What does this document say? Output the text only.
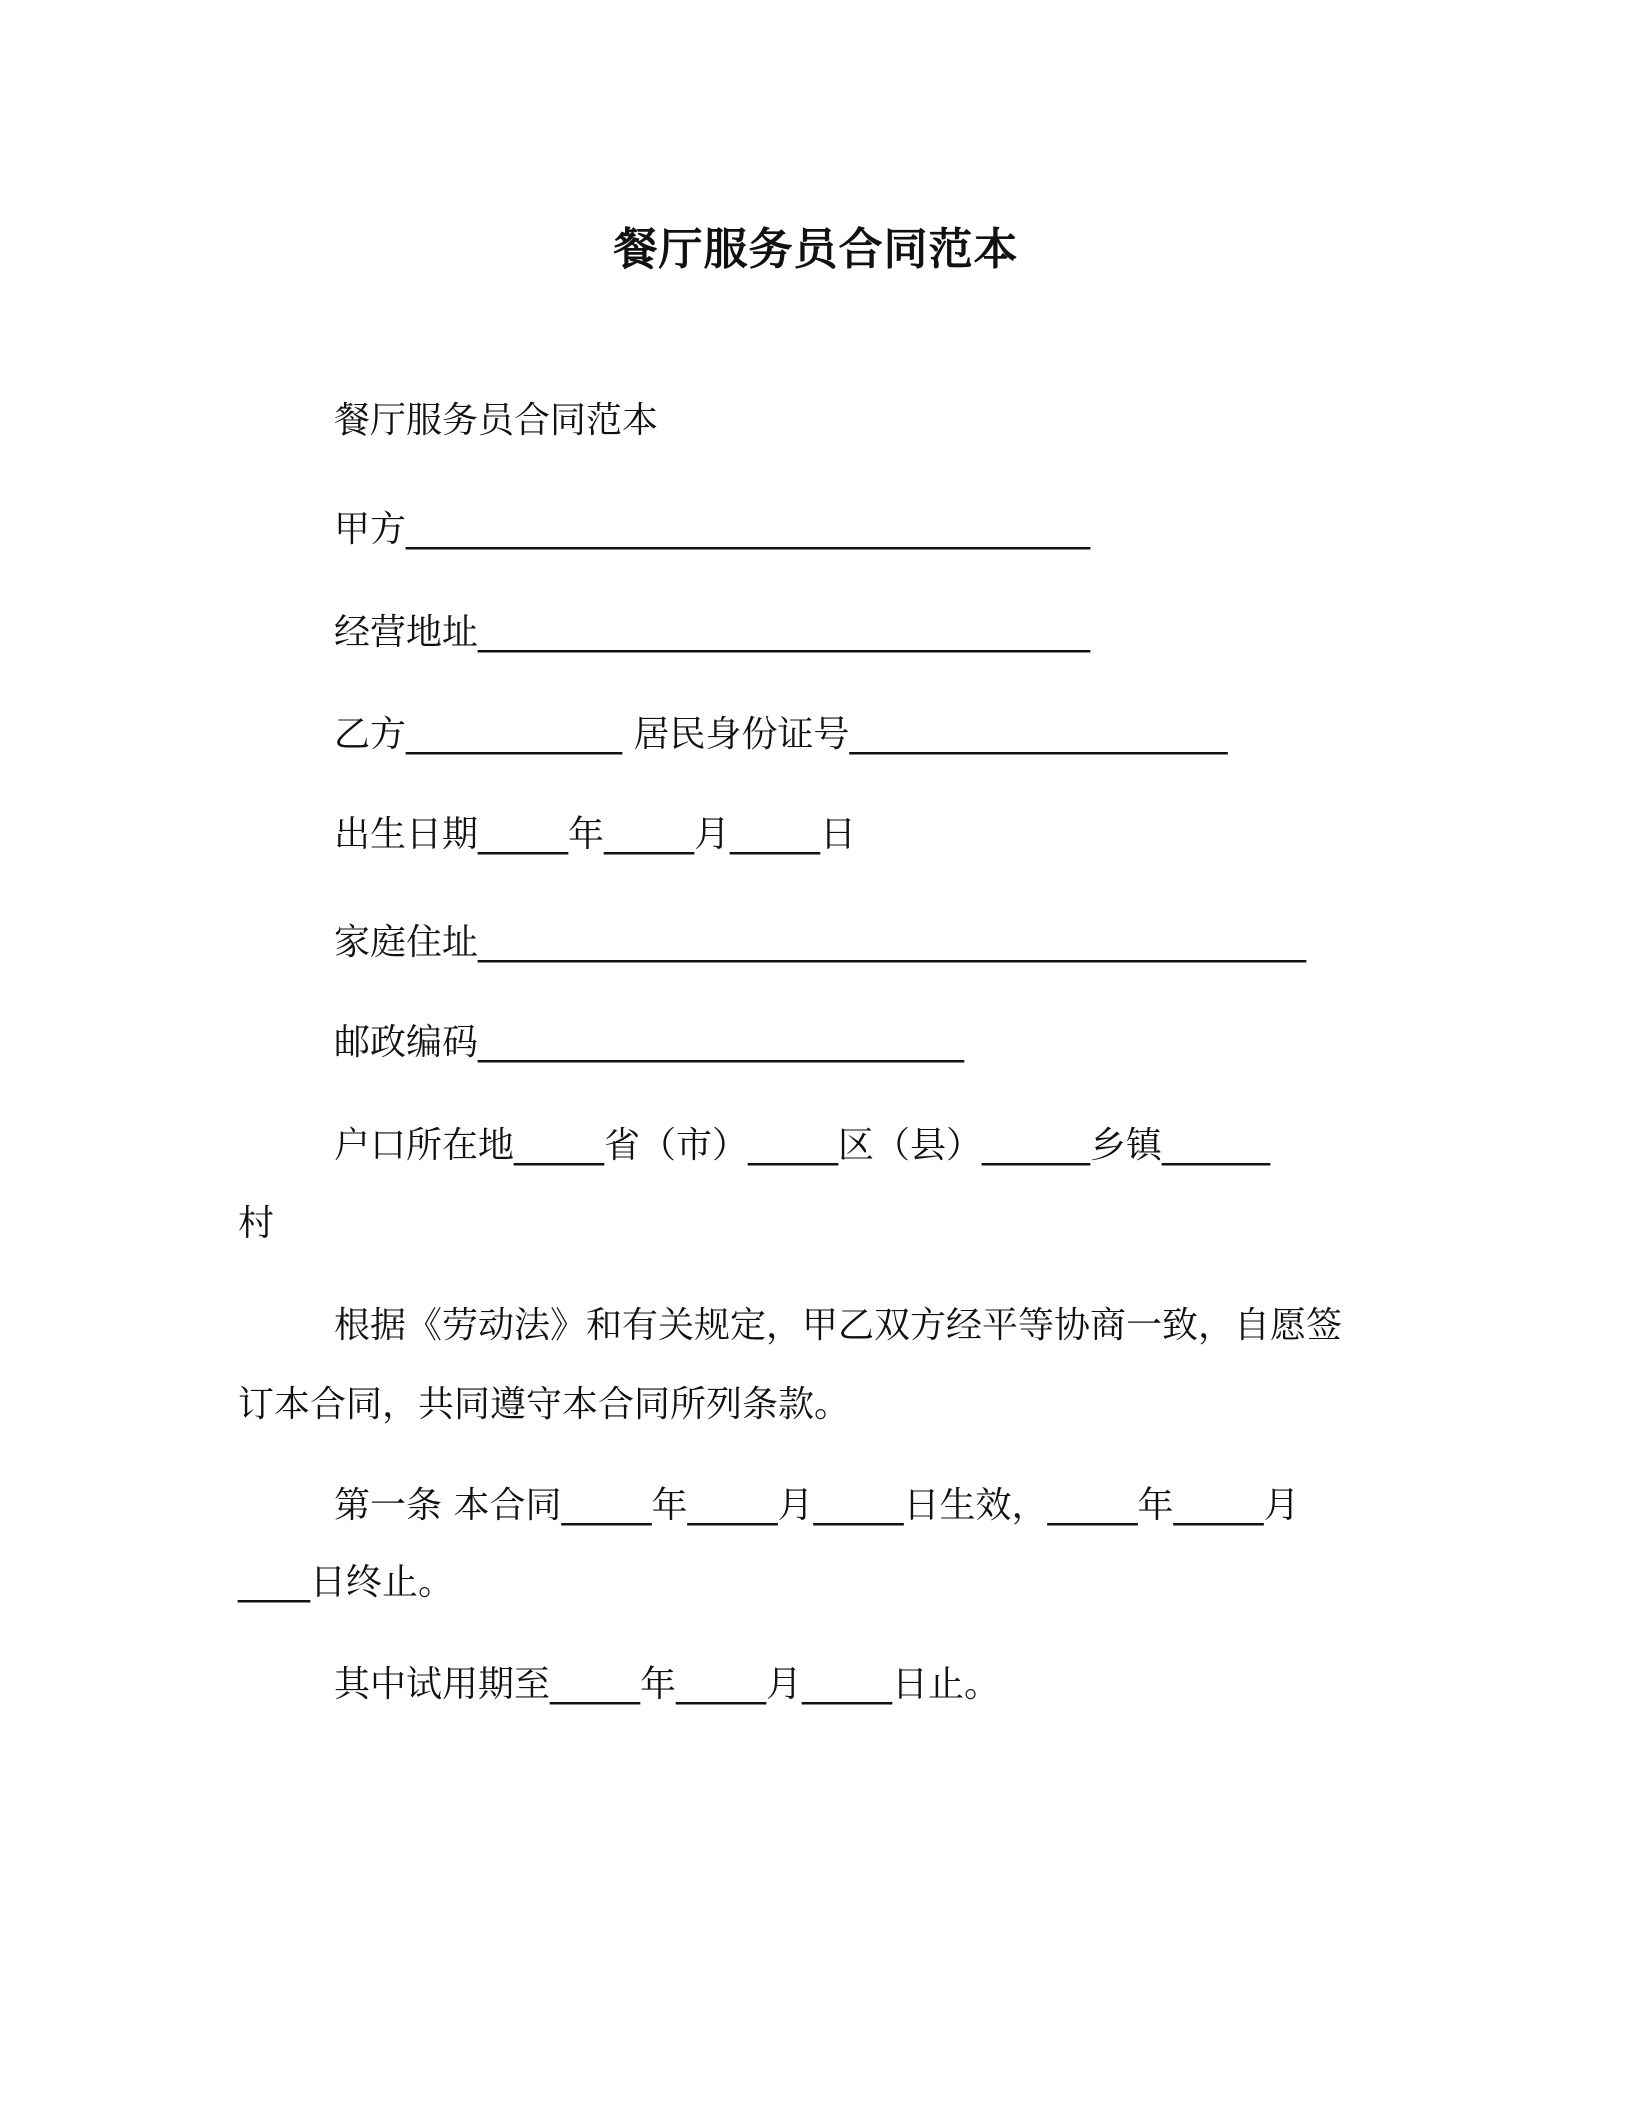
餐厅服务员合同范本
餐厅服务员合同范本
甲方______________________________________
经营地址__________________________________
乙方____________ 居民身份证号_____________________
出生日期_____年_____月_____日
家庭住址______________________________________________
邮政编码___________________________
户口所在地_____省（市）_____区（县）______乡镇______
村
根据《劳动法》和有关规定，甲乙双方经平等协商一致，自愿签
订本合同，共同遵守本合同所列条款。
第一条 本合同_____年_____月_____日生效，_____年_____月
____日终止。
其中试用期至_____年_____月_____日止。
